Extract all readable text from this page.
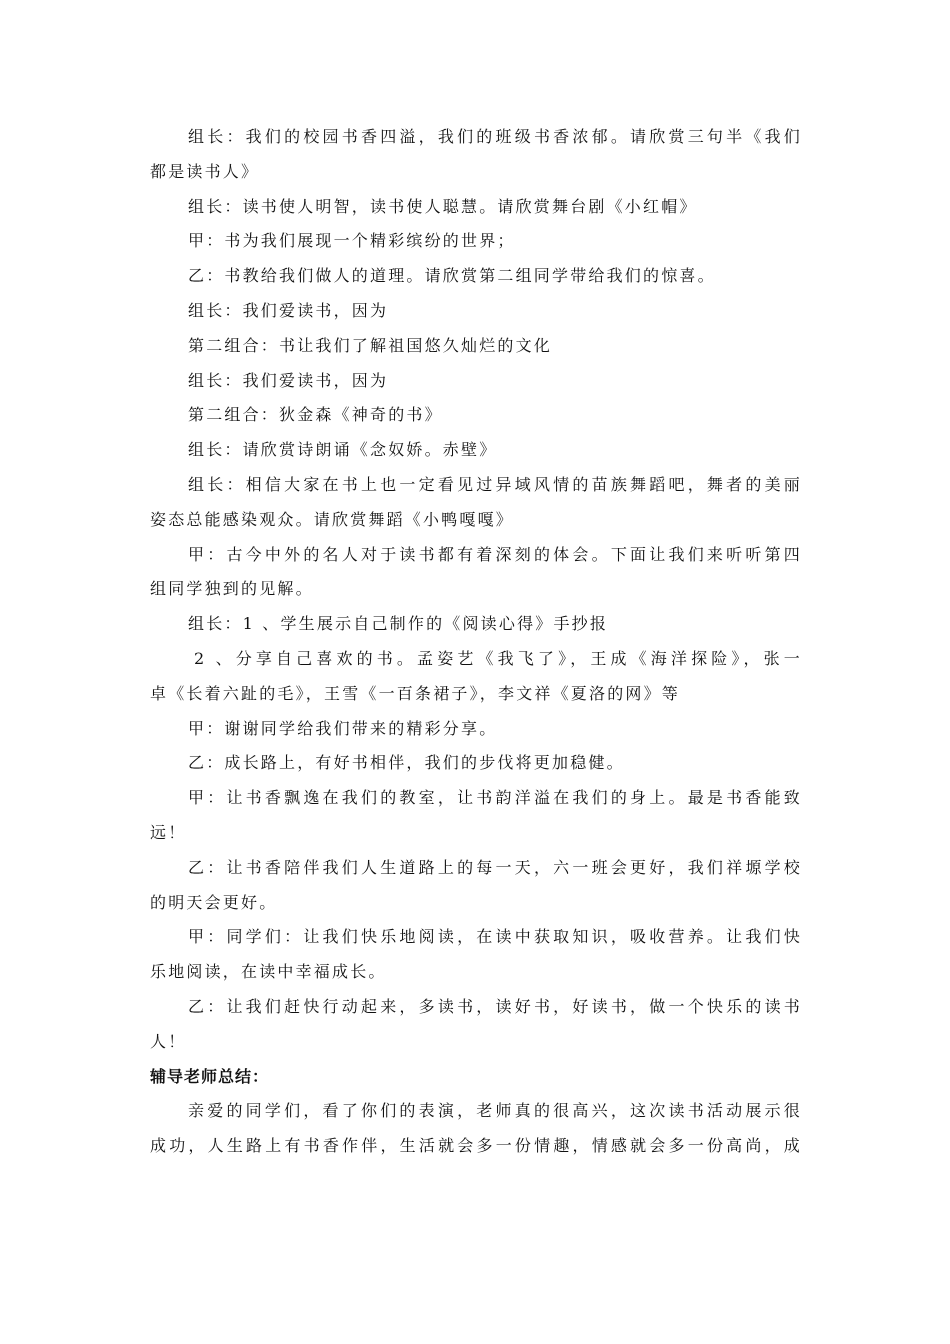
组长：我们的校园书香四溢，我们的班级书香浓郁。请欣赏三句半《我们
都是读书人》
组长：读书使人明智，读书使人聪慧。请欣赏舞台剧《小红帽》
甲：书为我们展现一个精彩缤纷的世界；
乙：书教给我们做人的道理。请欣赏第二组同学带给我们的惊喜。
组长：我们爱读书，因为
第二组合：书让我们了解祖国悠久灿烂的文化
组长：我们爱读书，因为
第二组合：狄金森《神奇的书》
组长：请欣赏诗朗诵《念奴娇。赤壁》
组长：相信大家在书上也一定看见过异域风情的苗族舞蹈吧，舞者的美丽
姿态总能感染观众。请欣赏舞蹈《小鸭嘎嘎》
甲：古今中外的名人对于读书都有着深刻的体会。下面让我们来听听第四
组同学独到的见解。
组长：1 、学生展示自己制作的《阅读心得》手抄报
2 、分享自己喜欢的书。孟姿艺《我飞了》，王成《海洋探险》，张一
卓《长着六趾的毛》，王雪《一百条裙子》，李文祥《夏洛的网》等
甲：谢谢同学给我们带来的精彩分享。
乙：成长路上，有好书相伴，我们的步伐将更加稳健。
甲：让书香飘逸在我们的教室，让书韵洋溢在我们的身上。最是书香能致
远！
乙：让书香陪伴我们人生道路上的每一天，六一班会更好，我们祥塬学校
的明天会更好。
甲：同学们：让我们快乐地阅读，在读中获取知识，吸收营养。让我们快
乐地阅读，在读中幸福成长。
乙：让我们赶快行动起来，多读书，读好书，好读书，做一个快乐的读书
人！
辅导老师总结：
亲爱的同学们，看了你们的表演，老师真的很高兴，这次读书活动展示很
成功，人生路上有书香作伴，生活就会多一份情趣，情感就会多一份高尚，成
